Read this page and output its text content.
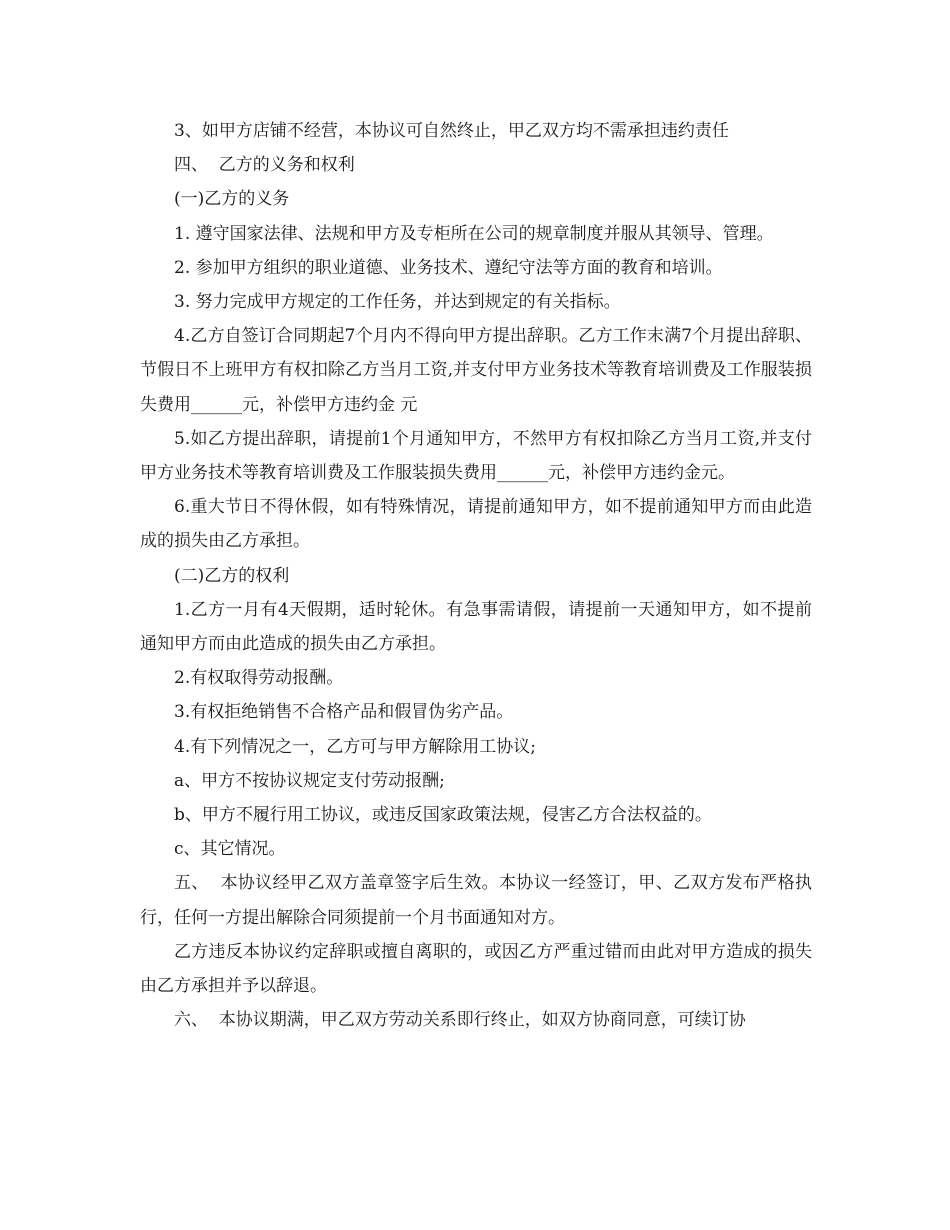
3、如甲方店铺不经营，本协议可自然终止，甲乙双方均不需承担违约责任

四、  乙方的义务和权利

(一)乙方的义务

1. 遵守国家法律、法规和甲方及专柜所在公司的规章制度并服从其领导、管理。

2. 参加甲方组织的职业道德、业务技术、遵纪守法等方面的教育和培训。

3. 努力完成甲方规定的工作任务，并达到规定的有关指标。

4.乙方自签订合同期起7个月内不得向甲方提出辞职。乙方工作末满7个月提出辞职、节假日不上班甲方有权扣除乙方当月工资,并支付甲方业务技术等教育培训费及工作服装损失费用______元，补偿甲方违约金 元

5.如乙方提出辞职，请提前1个月通知甲方，不然甲方有权扣除乙方当月工资,并支付甲方业务技术等教育培训费及工作服装损失费用______元，补偿甲方违约金元。

6.重大节日不得休假，如有特殊情况，请提前通知甲方，如不提前通知甲方而由此造成的损失由乙方承担。

(二)乙方的权利

1.乙方一月有4天假期，适时轮休。有急事需请假，请提前一天通知甲方，如不提前通知甲方而由此造成的损失由乙方承担。

2.有权取得劳动报酬。

3.有权拒绝销售不合格产品和假冒伪劣产品。

4.有下列情况之一，乙方可与甲方解除用工协议;

a、甲方不按协议规定支付劳动报酬;

b、甲方不履行用工协议，或违反国家政策法规，侵害乙方合法权益的。

c、其它情况。

五、  本协议经甲乙双方盖章签字后生效。本协议一经签订，甲、乙双方发布严格执行，任何一方提出解除合同须提前一个月书面通知对方。

乙方违反本协议约定辞职或擅自离职的，或因乙方严重过错而由此对甲方造成的损失由乙方承担并予以辞退。

六、  本协议期满，甲乙双方劳动关系即行终止，如双方协商同意，可续订协
